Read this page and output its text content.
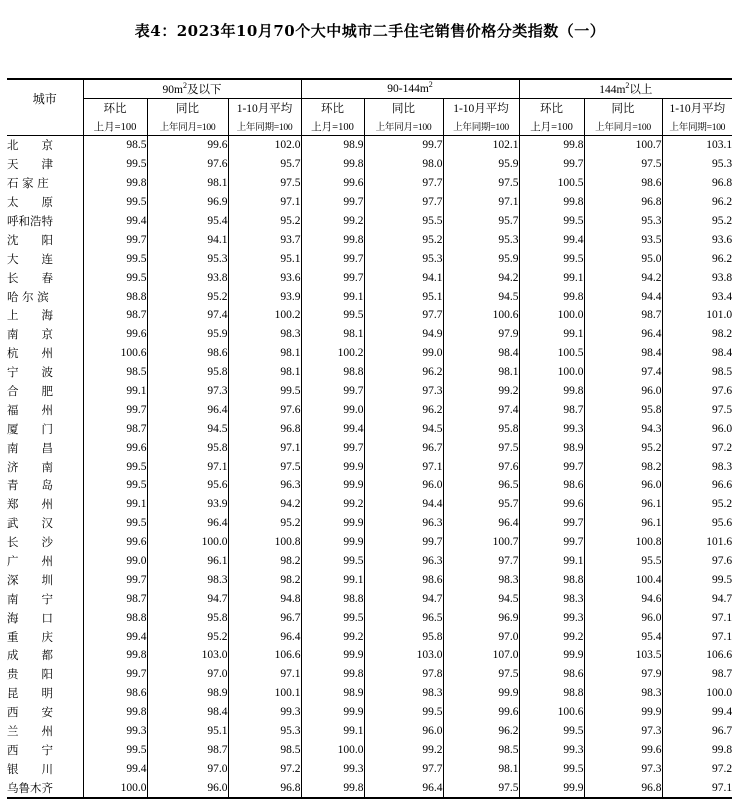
表4：2023年10月70个大中城市二手住宅销售价格分类指数（一）
城市	$90m^2$及以下			$90-144m^2$			$144m^2$以上		
	环比	同比	1-10月平均	环比	同比	1-10月平均	环比	同比	1-10月平均
	上月=100	上年同月=100	上年同期=100	上月=100	上年同月=100	上年同期=100	上月=100	上年同月=100	上年同期=100
北　　京	98.5	99.6	102.0	98.9	99.7	102.1	99.8	100.7	103.1
天　　津	99.5	97.6	95.7	99.8	98.0	95.9	99.7	97.5	95.3
石 家 庄	99.8	98.1	97.5	99.6	97.7	97.5	100.5	98.6	96.8
太　　原	99.5	96.9	97.1	99.7	97.7	97.1	99.8	96.8	96.2
呼和浩特	99.4	95.4	95.2	99.2	95.5	95.7	99.5	95.3	95.2
沈　　阳	99.7	94.1	93.7	99.8	95.2	95.3	99.4	93.5	93.6
大　　连	99.5	95.3	95.1	99.7	95.3	95.9	99.5	95.0	96.2
长　　春	99.5	93.8	93.6	99.7	94.1	94.2	99.1	94.2	93.8
哈 尔 滨	98.8	95.2	93.9	99.1	95.1	94.5	99.8	94.4	93.4
上　　海	98.7	97.4	100.2	99.5	97.7	100.6	100.0	98.7	101.0
南　　京	99.6	95.9	98.3	98.1	94.9	97.9	99.1	96.4	98.2
杭　　州	100.6	98.6	98.1	100.2	99.0	98.4	100.5	98.4	98.4
宁　　波	98.5	95.8	98.1	98.8	96.2	98.1	100.0	97.4	98.5
合　　肥	99.1	97.3	99.5	99.7	97.3	99.2	99.8	96.0	97.6
福　　州	99.7	96.4	97.6	99.0	96.2	97.4	98.7	95.8	97.5
厦　　门	98.7	94.5	96.8	99.4	94.5	95.8	99.3	94.3	96.0
南　　昌	99.6	95.8	97.1	99.7	96.7	97.5	98.9	95.2	97.2
济　　南	99.5	97.1	97.5	99.9	97.1	97.6	99.7	98.2	98.3
青　　岛	99.5	95.6	96.3	99.9	96.0	96.5	98.6	96.0	96.6
郑　　州	99.1	93.9	94.2	99.2	94.4	95.7	99.6	96.1	95.2
武　　汉	99.5	96.4	95.2	99.9	96.3	96.4	99.7	96.1	95.6
长　　沙	99.6	100.0	100.8	99.9	99.7	100.7	99.7	100.8	101.6
广　　州	99.0	96.1	98.2	99.5	96.3	97.7	99.1	95.5	97.6
深　　圳	99.7	98.3	98.2	99.1	98.6	98.3	98.8	100.4	99.5
南　　宁	98.7	94.7	94.8	98.8	94.7	94.5	98.3	94.6	94.7
海　　口	98.8	95.8	96.7	99.5	96.5	96.9	99.3	96.0	97.1
重　　庆	99.4	95.2	96.4	99.2	95.8	97.0	99.2	95.4	97.1
成　　都	99.8	103.0	106.6	99.9	103.0	107.0	99.9	103.5	106.6
贵　　阳	99.7	97.0	97.1	99.8	97.8	97.5	98.6	97.9	98.7
昆　　明	98.6	98.9	100.1	98.9	98.3	99.9	98.8	98.3	100.0
西　　安	99.8	98.4	99.3	99.9	99.5	99.6	100.6	99.9	99.4
兰　　州	99.3	95.1	95.3	99.1	96.0	96.2	99.5	97.3	96.7
西　　宁	99.5	98.7	98.5	100.0	99.2	98.5	99.3	99.6	99.8
银　　川	99.4	97.0	97.2	99.3	97.7	98.1	99.5	97.3	97.2
乌鲁木齐	100.0	96.0	96.8	99.8	96.4	97.5	99.9	96.8	97.1
